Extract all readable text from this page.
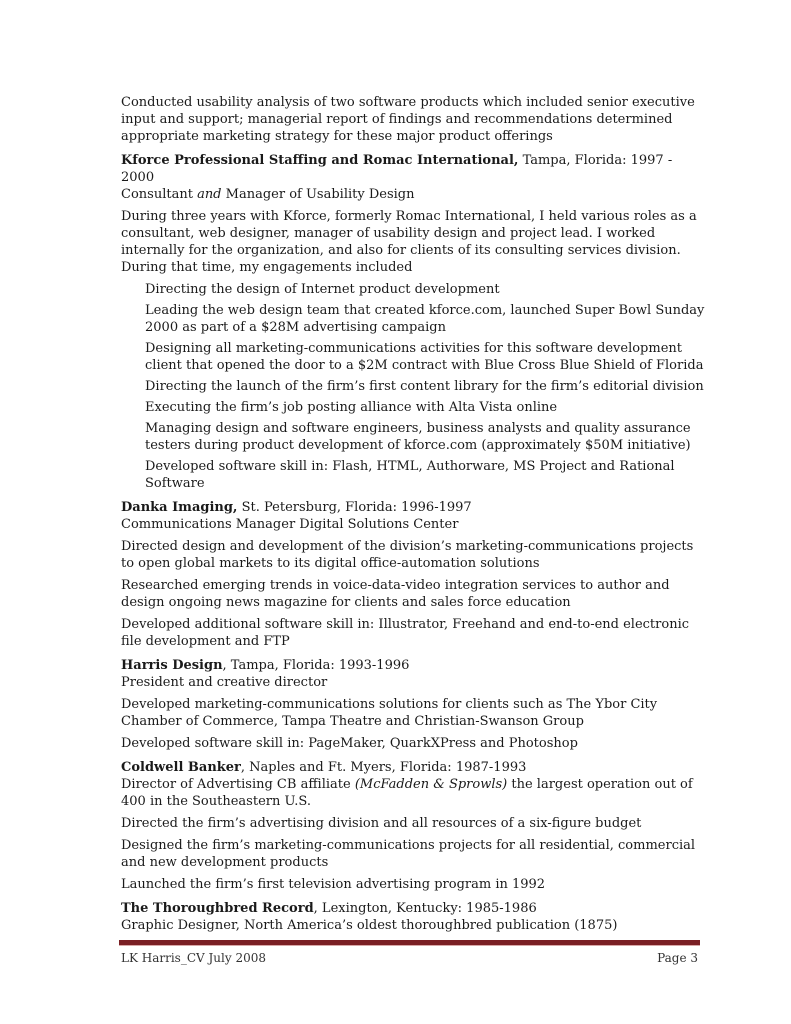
Conducted usability analysis of two software products which included senior executive input and support; managerial report of findings and recommendations determined appropriate marketing strategy for these major product offerings

Kforce Professional Staffing and Romac International, Tampa, Florida: 1997 - 2000

Consultant and Manager of Usability Design

During three years with Kforce, formerly Romac International, I held various roles as a consultant, web designer, manager of usability design and project lead. I worked internally for the organization, and also for clients of its consulting services division. During that time, my engagements included

Directing the design of Internet product development

Leading the web design team that created kforce.com, launched Super Bowl Sunday 2000 as part of a $28M advertising campaign

Designing all marketing-communications activities for this software development client that opened the door to a $2M contract with Blue Cross Blue Shield of Florida

Directing the launch of the firm’s first content library for the firm’s editorial division

Executing the firm’s job posting alliance with Alta Vista online

Managing design and software engineers, business analysts and quality assurance testers during product development of kforce.com (approximately $50M initiative)

Developed software skill in: Flash, HTML, Authorware, MS Project and Rational Software

Danka Imaging, St. Petersburg, Florida: 1996-1997

Communications Manager Digital Solutions Center

Directed design and development of the division’s marketing-communications projects to open global markets to its digital office-automation solutions

Researched emerging trends in voice-data-video integration services to author and design ongoing news magazine for clients and sales force education

Developed additional software skill in: Illustrator, Freehand and end-to-end electronic file development and FTP

Harris Design, Tampa, Florida: 1993-1996

President and creative director

Developed marketing-communications solutions for clients such as The Ybor City Chamber of Commerce, Tampa Theatre and Christian-Swanson Group

Developed software skill in: PageMaker, QuarkXPress and Photoshop

Coldwell Banker, Naples and Ft. Myers, Florida: 1987-1993

Director of Advertising CB affiliate (McFadden & Sprowls) the largest operation out of 400 in the Southeastern U.S.

Directed the firm’s advertising division and all resources of a six-figure budget

Designed the firm’s marketing-communications projects for all residential, commercial and new development products

Launched the firm’s first television advertising program in 1992

The Thoroughbred Record, Lexington, Kentucky: 1985-1986

Graphic Designer, North America’s oldest thoroughbred publication (1875)

LK Harris_CV July 2008	Page 3
